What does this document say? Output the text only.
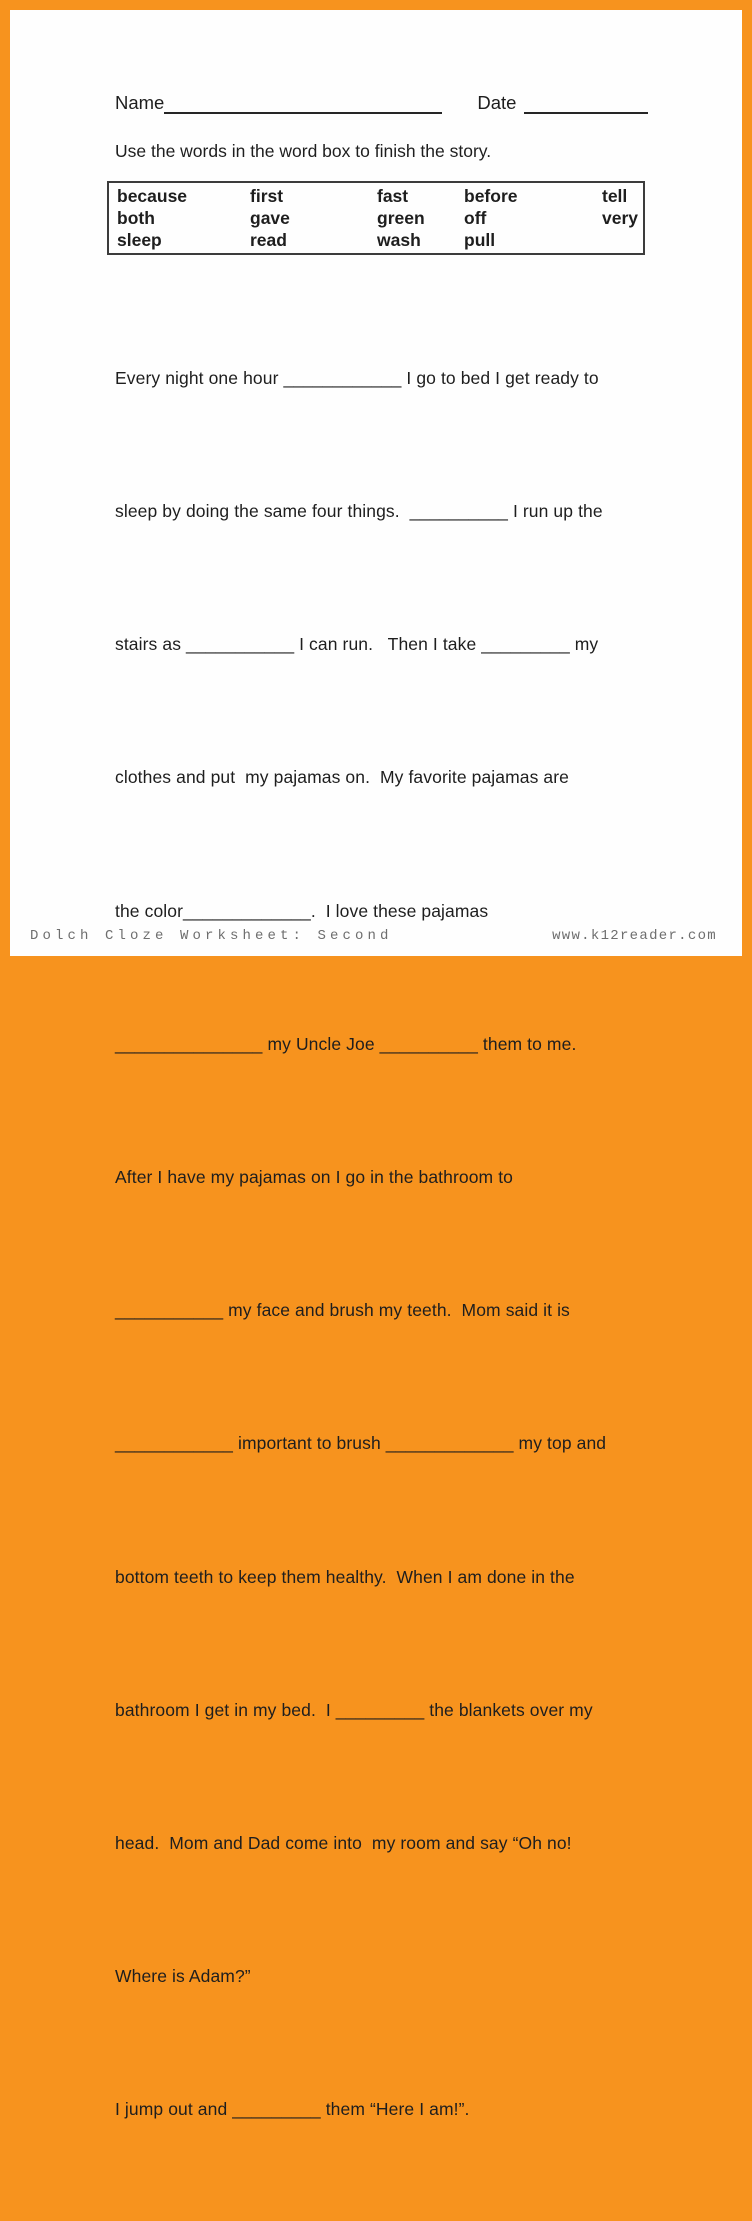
Name	Date
Use the words in the word box to finish the story.
because	first	fast	before	tell
both	gave	green	off	very
sleep	read	wash	pull

Every night one hour ____________ I go to bed I get ready to

sleep by doing the same four things.  __________ I run up the

stairs as ___________ I can run.   Then I take _________ my

clothes and put  my pajamas on.  My favorite pajamas are

the color_____________.  I love these pajamas

_______________ my Uncle Joe __________ them to me.

After I have my pajamas on I go in the bathroom to

___________ my face and brush my teeth.  Mom said it is

____________ important to brush _____________ my top and

bottom teeth to keep them healthy.  When I am done in the

bathroom I get in my bed.  I _________ the blankets over my

head.  Mom and Dad come into  my room and say “Oh no!

Where is Adam?”

I jump out and _________ them “Here I am!”.

Dolch Cloze Worksheet: Second	www.k12reader.com
